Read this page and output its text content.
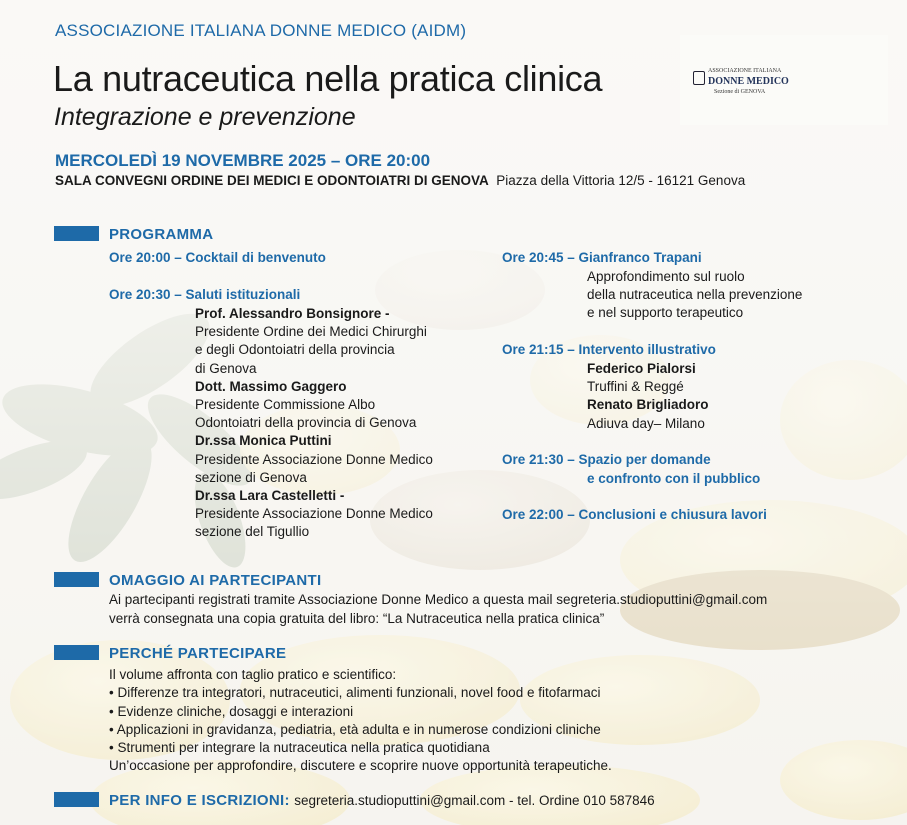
ASSOCIAZIONE ITALIANA DONNE MEDICO (AIDM)
La nutraceutica nella pratica clinica
Integrazione e prevenzione
ASSOCIAZIONE ITALIANA
DONNE MEDICO
Sezione di GENOVA
MERCOLEDÌ 19 NOVEMBRE 2025 – ORE 20:00
SALA CONVEGNI ORDINE DEI MEDICI E ODONTOIATRI DI GENOVA Piazza della Vittoria 12/5 - 16121 Genova
PROGRAMMA
Ore 20:00 – Cocktail di benvenuto
Ore 20:30 – Saluti istituzionali
Prof. Alessandro Bonsignore -
Presidente Ordine dei Medici Chirurghi
e degli Odontoiatri della provincia
di Genova
Dott. Massimo Gaggero
Presidente Commissione Albo
Odontoiatri della provincia di Genova
Dr.ssa Monica Puttini
Presidente Associazione Donne Medico
sezione di Genova
Dr.ssa Lara Castelletti -
Presidente Associazione Donne Medico
sezione del Tigullio
Ore 20:45 – Gianfranco Trapani
Approfondimento sul ruolo
della nutraceutica nella prevenzione
e nel supporto terapeutico
Ore 21:15 – Intervento illustrativo
Federico Pialorsi
Truffini & Reggé
Renato Brigliadoro
Adiuva day– Milano
Ore 21:30 – Spazio per domande
e confronto con il pubblico
Ore 22:00 – Conclusioni e chiusura lavori
OMAGGIO AI PARTECIPANTI
Ai partecipanti registrati tramite Associazione Donne Medico a questa mail segreteria.studioputtini@gmail.com
verrà consegnata una copia gratuita del libro: “La Nutraceutica nella pratica clinica”
PERCHÉ PARTECIPARE
Il volume affronta con taglio pratico e scientifico:
• Differenze tra integratori, nutraceutici, alimenti funzionali, novel food e fitofarmaci
• Evidenze cliniche, dosaggi e interazioni
• Applicazioni in gravidanza, pediatria, età adulta e in numerose condizioni cliniche
• Strumenti per integrare la nutraceutica nella pratica quotidiana
Un’occasione per approfondire, discutere e scoprire nuove opportunità terapeutiche.
PER INFO E ISCRIZIONI: segreteria.studioputtini@gmail.com - tel. Ordine 010 587846
